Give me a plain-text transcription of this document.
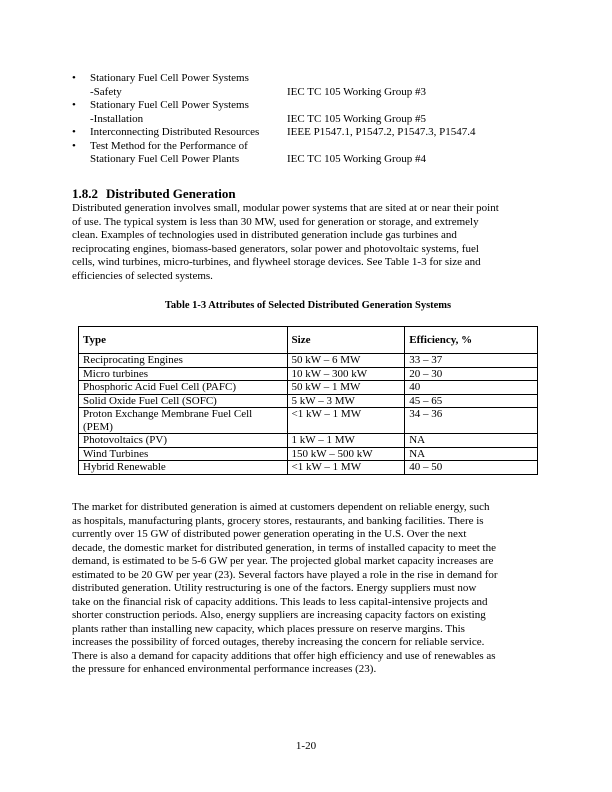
•	Stationary Fuel Cell Power Systems
-Safety	IEC TC 105 Working Group #3
•	Stationary Fuel Cell Power Systems
-Installation	IEC TC 105 Working Group #5
•	Interconnecting Distributed Resources	IEEE P1547.1, P1547.2, P1547.3, P1547.4
•	Test Method for the Performance of
Stationary Fuel Cell Power Plants	IEC TC 105 Working Group #4
1.8.2 Distributed Generation
Distributed generation involves small, modular power systems that are sited at or near their point
of use. The typical system is less than 30 MW, used for generation or storage, and extremely
clean. Examples of technologies used in distributed generation include gas turbines and
reciprocating engines, biomass-based generators, solar power and photovoltaic systems, fuel
cells, wind turbines, micro-turbines, and flywheel storage devices. See Table 1-3 for size and
efficiencies of selected systems.
Table 1-3 Attributes of Selected Distributed Generation Systems
Type	Size	Efficiency, %
Reciprocating Engines	50 kW – 6 MW	33 – 37
Micro turbines	10 kW – 300 kW	20 – 30
Phosphoric Acid Fuel Cell (PAFC)	50 kW – 1 MW	40
Solid Oxide Fuel Cell (SOFC)	5 kW – 3 MW	45 – 65
Proton Exchange Membrane Fuel Cell (PEM)	<1 kW – 1 MW	34 – 36
Photovoltaics (PV)	1 kW – 1 MW	NA
Wind Turbines	150 kW – 500 kW	NA
Hybrid Renewable	<1 kW – 1 MW	40 – 50
The market for distributed generation is aimed at customers dependent on reliable energy, such
as hospitals, manufacturing plants, grocery stores, restaurants, and banking facilities. There is
currently over 15 GW of distributed power generation operating in the U.S. Over the next
decade, the domestic market for distributed generation, in terms of installed capacity to meet the
demand, is estimated to be 5-6 GW per year. The projected global market capacity increases are
estimated to be 20 GW per year (23). Several factors have played a role in the rise in demand for
distributed generation. Utility restructuring is one of the factors. Energy suppliers must now
take on the financial risk of capacity additions. This leads to less capital-intensive projects and
shorter construction periods. Also, energy suppliers are increasing capacity factors on existing
plants rather than installing new capacity, which places pressure on reserve margins. This
increases the possibility of forced outages, thereby increasing the concern for reliable service.
There is also a demand for capacity additions that offer high efficiency and use of renewables as
the pressure for enhanced environmental performance increases (23).
1-20
